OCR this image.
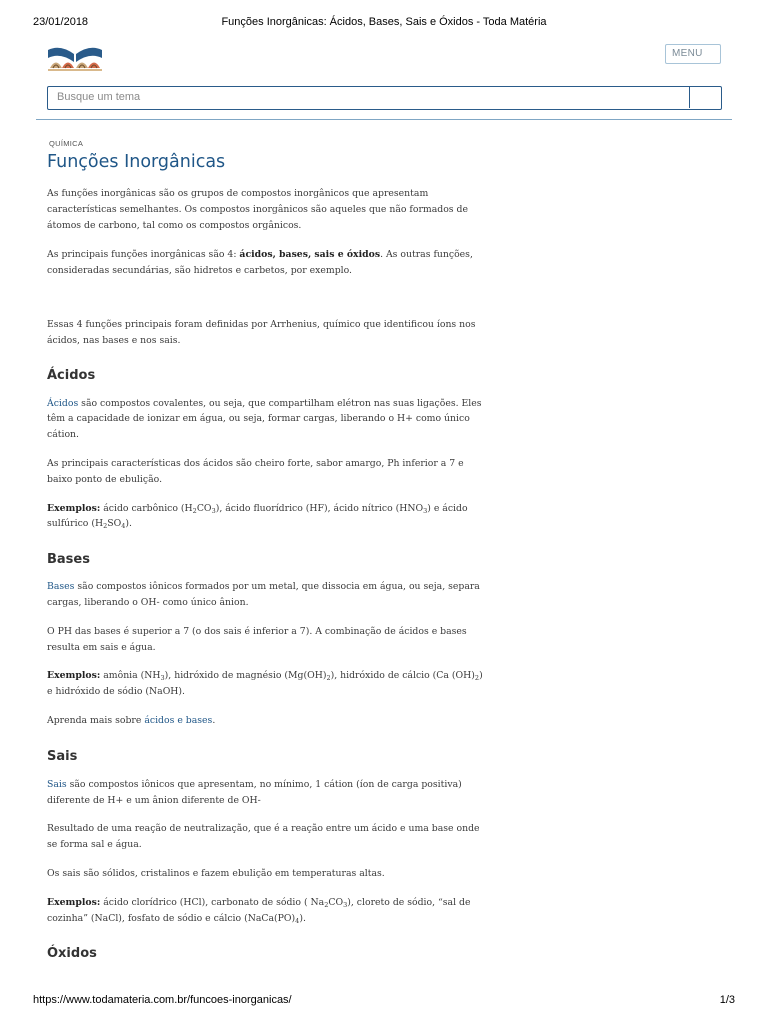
23/01/2018	Funções Inorgânicas: Ácidos, Bases, Sais e Óxidos - Toda Matéria
MENU
Busque um tema
QUÍMICA
Funções Inorgânicas

As funções inorgânicas são os grupos de compostos inorgânicos que apresentam características semelhantes. Os compostos inorgânicos são aqueles que não formados de átomos de carbono, tal como os compostos orgânicos.

As principais funções inorgânicas são 4: ácidos, bases, sais e óxidos. As outras funções, consideradas secundárias, são hidretos e carbetos, por exemplo.

Essas 4 funções principais foram definidas por Arrhenius, químico que identificou íons nos ácidos, nas bases e nos sais.

Ácidos

Ácidos são compostos covalentes, ou seja, que compartilham elétron nas suas ligações. Eles têm a capacidade de ionizar em água, ou seja, formar cargas, liberando o H+ como único cátion.

As principais características dos ácidos são cheiro forte, sabor amargo, Ph inferior a 7 e baixo ponto de ebulição.

Exemplos: ácido carbônico $(H_2CO_3)$, ácido fluorídrico (HF), ácido nítrico $(HNO_3)$ e ácido sulfúrico $(H_2SO_4)$.

Bases

Bases são compostos iônicos formados por um metal, que dissocia em água, ou seja, separa cargas, liberando o OH- como único ânion.

O PH das bases é superior a 7 (o dos sais é inferior a 7). A combinação de ácidos e bases resulta em sais e água.

Exemplos: amônia $(NH_3)$, hidróxido de magnésio $(Mg(OH)_2)$, hidróxido de cálcio (Ca $(OH)_2$) e hidróxido de sódio (NaOH).

Aprenda mais sobre ácidos e bases.

Sais

Sais são compostos iônicos que apresentam, no mínimo, 1 cátion (íon de carga positiva) diferente de H+ e um ânion diferente de OH-

Resultado de uma reação de neutralização, que é a reação entre um ácido e uma base onde se forma sal e água.

Os sais são sólidos, cristalinos e fazem ebulição em temperaturas altas.

Exemplos: ácido clorídrico (HCl), carbonato de sódio ( $Na_2CO_3$), cloreto de sódio, “sal de cozinha” (NaCl), fosfato de sódio e cálcio $(NaCa(PO)_4)$.

Óxidos
https://www.todamateria.com.br/funcoes-inorganicas/	1/3
